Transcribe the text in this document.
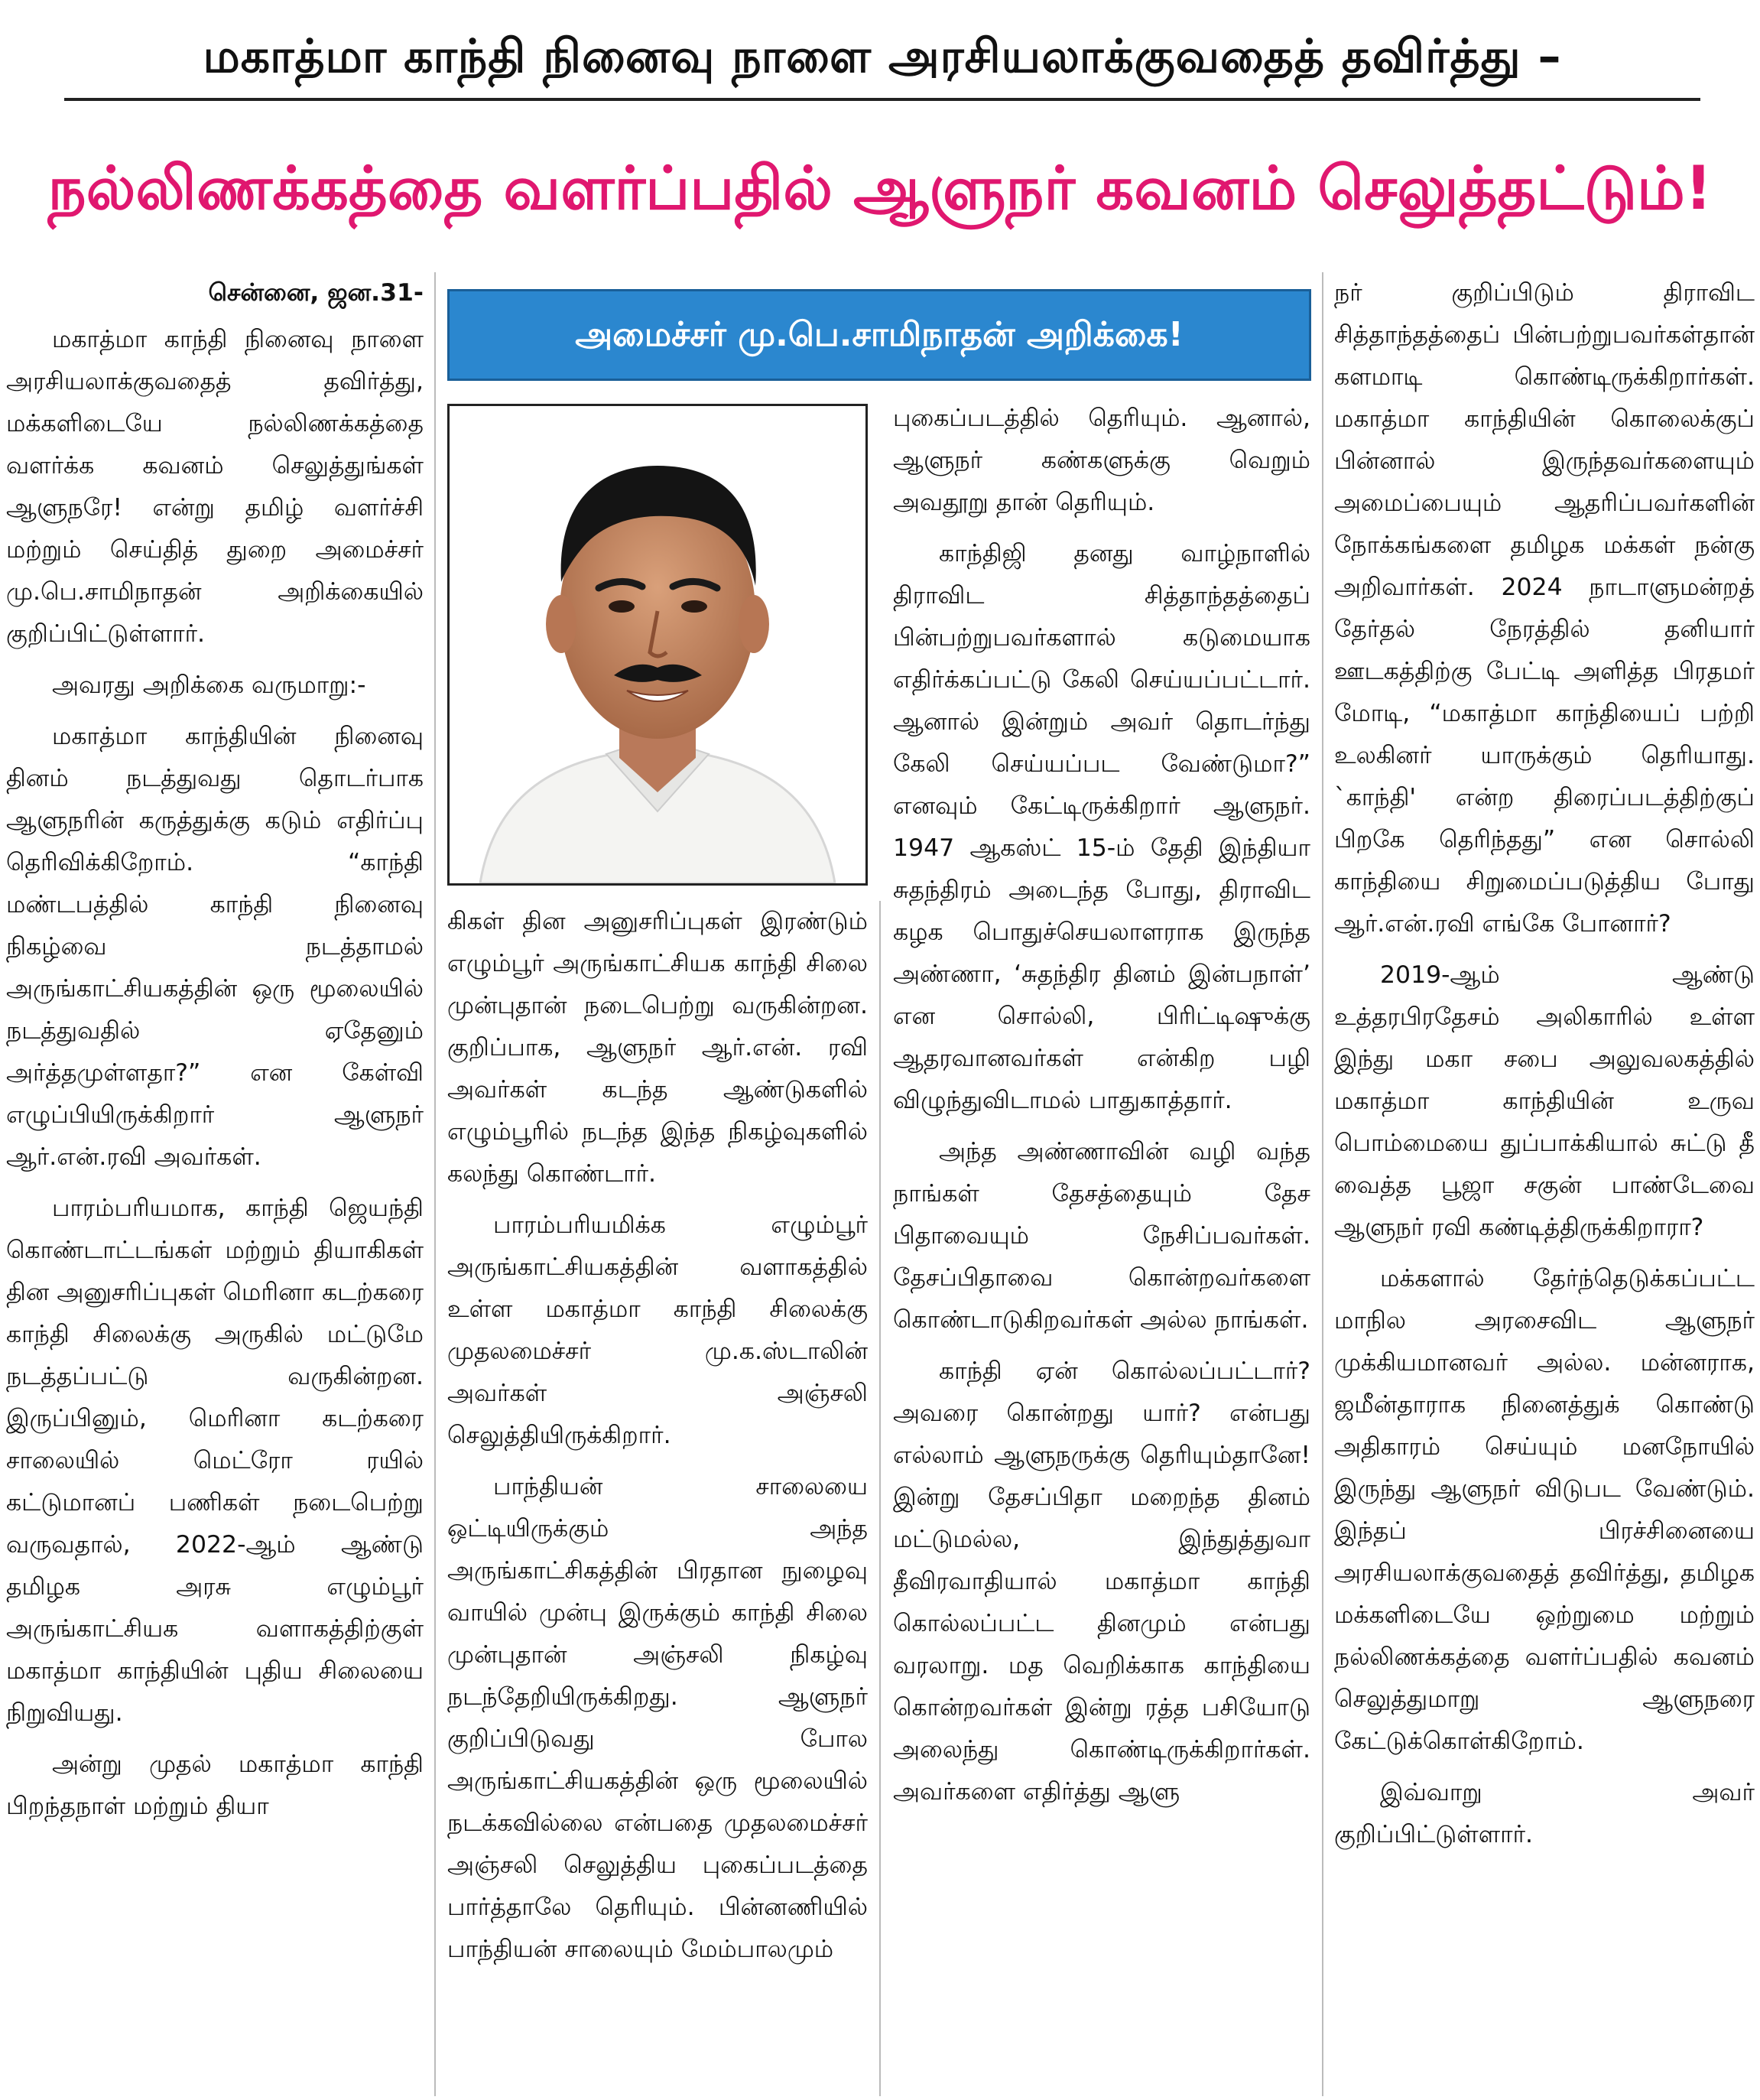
மகாத்மா காந்தி நினைவு நாளை அரசியலாக்குவதைத் தவிர்த்து –
நல்லிணக்கத்தை வளர்ப்பதில் ஆளுநர் கவனம் செலுத்தட்டும்!
அமைச்சர் மு.பெ.சாமிநாதன் அறிக்கை!

சென்னை, ஜன.31-

மகாத்மா காந்தி நினைவு நாளை அரசியலாக்குவதைத் தவிர்த்து, மக்களிடையே நல்லிணக்கத்தை வளர்க்க கவனம் செலுத்துங்கள் ஆளுநரே! என்று தமிழ் வளர்ச்சி மற்றும் செய்தித் துறை அமைச்சர் மு.பெ.சாமிநாதன் அறிக்கையில் குறிப்பிட்டுள்ளார்.

அவரது அறிக்கை வருமாறு:-

மகாத்மா காந்தியின் நினைவு தினம் நடத்துவது தொடர்பாக ஆளுநரின் கருத்துக்கு கடும் எதிர்ப்பு தெரிவிக்கிறோம். “காந்தி மண்டபத்தில் காந்தி நினைவு நிகழ்வை நடத்தாமல் அருங்காட்சியகத்தின் ஒரு மூலையில் நடத்துவதில் ஏதேனும் அர்த்தமுள்ளதா?” என கேள்வி எழுப்பியிருக்கிறார் ஆளுநர் ஆர்.என்.ரவி அவர்கள்.

பாரம்பரியமாக, காந்தி ஜெயந்தி கொண்டாட்டங்கள் மற்றும் தியாகிகள் தின அனுசரிப்புகள் மெரினா கடற்கரை காந்தி சிலைக்கு அருகில் மட்டுமே நடத்தப்பட்டு வருகின்றன. இருப்பினும், மெரினா கடற்கரை சாலையில் மெட்ரோ ரயில் கட்டுமானப் பணிகள் நடைபெற்று வருவதால், 2022-ஆம் ஆண்டு தமிழக அரசு எழும்பூர் அருங்காட்சியக வளாகத்திற்குள் மகாத்மா காந்தியின் புதிய சிலையை நிறுவியது.

அன்று முதல் மகாத்மா காந்தி பிறந்தநாள் மற்றும் தியா

கிகள் தின அனுசரிப்புகள் இரண்டும் எழும்பூர் அருங்காட்சியக காந்தி சிலை முன்புதான் நடைபெற்று வருகின்றன. குறிப்பாக, ஆளுநர் ஆர்.என். ரவி அவர்கள் கடந்த ஆண்டுகளில் எழும்பூரில் நடந்த இந்த நிகழ்வுகளில் கலந்து கொண்டார்.

பாரம்பரியமிக்க எழும்பூர் அருங்காட்சியகத்தின் வளாகத்தில் உள்ள மகாத்மா காந்தி சிலைக்கு முதலமைச்சர் மு.க.ஸ்டாலின் அவர்கள் அஞ்சலி செலுத்தியிருக்கிறார்.

பாந்தியன் சாலையை ஒட்டியிருக்கும் அந்த அருங்காட்சிகத்தின் பிரதான நுழைவு வாயில் முன்பு இருக்கும் காந்தி சிலை முன்புதான் அஞ்சலி நிகழ்வு நடந்தேறியிருக்கிறது. ஆளுநர் குறிப்பிடுவது போல அருங்காட்சியகத்தின் ஒரு மூலையில் நடக்கவில்லை என்பதை முதலமைச்சர் அஞ்சலி செலுத்திய புகைப்படத்தை பார்த்தாலே தெரியும். பின்னணியில் பாந்தியன் சாலையும் மேம்பாலமும்

புகைப்படத்தில் தெரியும். ஆனால், ஆளுநர் கண்களுக்கு வெறும் அவதூறு தான் தெரியும்.

காந்திஜி தனது வாழ்நாளில் திராவிட சித்தாந்தத்தைப் பின்பற்றுபவர்களால் கடுமையாக எதிர்க்கப்பட்டு கேலி செய்யப்பட்டார். ஆனால் இன்றும் அவர் தொடர்ந்து கேலி செய்யப்பட வேண்டுமா?” எனவும் கேட்டிருக்கிறார் ஆளுநர். 1947 ஆகஸ்ட் 15-ம் தேதி இந்தியா சுதந்திரம் அடைந்த போது, திராவிட கழக பொதுச்செயலாளராக இருந்த அண்ணா, ‘சுதந்திர தினம் இன்பநாள்’ என சொல்லி, பிரிட்டிஷுக்கு ஆதரவானவர்கள் என்கிற பழி விழுந்துவிடாமல் பாதுகாத்தார்.

அந்த அண்ணாவின் வழி வந்த நாங்கள் தேசத்தையும் தேச பிதாவையும் நேசிப்பவர்கள். தேசப்பிதாவை கொன்றவர்களை கொண்டாடுகிறவர்கள் அல்ல நாங்கள்.

காந்தி ஏன் கொல்லப்பட்டார்? அவரை கொன்றது யார்? என்பது எல்லாம் ஆளுநருக்கு தெரியும்தானே! இன்று தேசப்பிதா மறைந்த தினம் மட்டுமல்ல, இந்துத்துவா தீவிரவாதியால் மகாத்மா காந்தி கொல்லப்பட்ட தினமும் என்பது வரலாறு. மத வெறிக்காக காந்தியை கொன்றவர்கள் இன்று ரத்த பசியோடு அலைந்து கொண்டிருக்கிறார்கள். அவர்களை எதிர்த்து ஆளு

நர் குறிப்பிடும் திராவிட சித்தாந்தத்தைப் பின்பற்றுபவர்கள்தான் களமாடி கொண்டிருக்கிறார்கள். மகாத்மா காந்தியின் கொலைக்குப் பின்னால் இருந்தவர்களையும் அமைப்பையும் ஆதரிப்பவர்களின் நோக்கங்களை தமிழக மக்கள் நன்கு அறிவார்கள். 2024 நாடாளுமன்றத் தேர்தல் நேரத்தில் தனியார் ஊடகத்திற்கு பேட்டி அளித்த பிரதமர் மோடி, “மகாத்மா காந்தியைப் பற்றி உலகினர் யாருக்கும் தெரியாது. `காந்தி' என்ற திரைப்படத்திற்குப் பிறகே தெரிந்தது” என சொல்லி காந்தியை சிறுமைப்படுத்திய போது ஆர்.என்.ரவி எங்கே போனார்?

2019-ஆம் ஆண்டு உத்தரபிரதேசம் அலிகாரில் உள்ள இந்து மகா சபை அலுவலகத்தில் மகாத்மா காந்தியின் உருவ பொம்மையை துப்பாக்கியால் சுட்டு தீ வைத்த பூஜா சகுன் பாண்டேவை ஆளுநர் ரவி கண்டித்திருக்கிறாரா?

மக்களால் தேர்ந்தெடுக்கப்பட்ட மாநில அரசைவிட ஆளுநர் முக்கியமானவர் அல்ல. மன்னராக, ஜமீன்தாராக நினைத்துக் கொண்டு அதிகாரம் செய்யும் மனநோயில் இருந்து ஆளுநர் விடுபட வேண்டும். இந்தப் பிரச்சினையை அரசியலாக்குவதைத் தவிர்த்து, தமிழக மக்களிடையே ஒற்றுமை மற்றும் நல்லிணக்கத்தை வளர்ப்பதில் கவனம் செலுத்துமாறு ஆளுநரை கேட்டுக்கொள்கிறோம்.

இவ்வாறு அவர் குறிப்பிட்டுள்ளார்.
